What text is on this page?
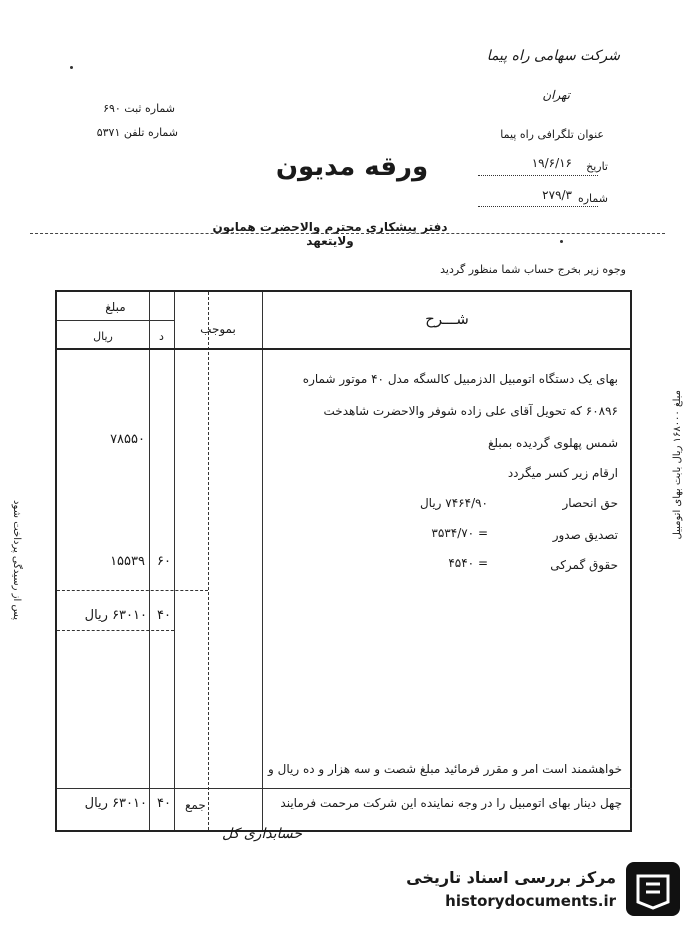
شرکت سهامی راه پیما
تهران
عنوان تلگرافی راه پیما
شماره ثبت ۶۹۰
شماره تلفن ۵۳۷۱
ورقه مدیون	تاریخ
۱۹/۶/۱۶
شماره
۲۷۹/۳
دفتر پیشکاری محترم والاحضرت همایون ولایتعهد
وجوه زیر بخرج حساب شما منظور گردید
شـــرح
بموجب
مبلغ
ریال	د
بهای یک دستگاه اتومبیل الدزمبیل کالسگه مدل ۴۰ موتور شماره
۶۰۸۹۶ که تحویل آقای علی زاده شوفر والاحضرت شاهدخت
شمس پهلوی گردیده بمبلغ
ارقام زیر کسر میگردد
حق انحصار
۷۴۶۴/۹۰ ریال
تصدیق صدور
= ۳۵۳۴/۷۰
حقوق گمرکی
= ۴۵۴۰
۷۸۵۵۰
۱۵۵۳۹ ۶۰
۶۳۰۱۰ ریال ۴۰
خواهشمند است امر و مقرر فرمائید مبلغ شصت و سه هزار و ده ریال و
چهل دینار بهای اتومبیل را در وجه نماینده این شرکت مرحمت فرمایند
جمع
۶۳۰۱۰ ریال ۴۰
پس از رسیدگی پرداخت شود
مبلغ ۱۶۸۰۰۰ ریال بابت بهای اتومبیل
حسابداری کل
مرکز بررسی اسناد تاریخی
historydocuments.ir
